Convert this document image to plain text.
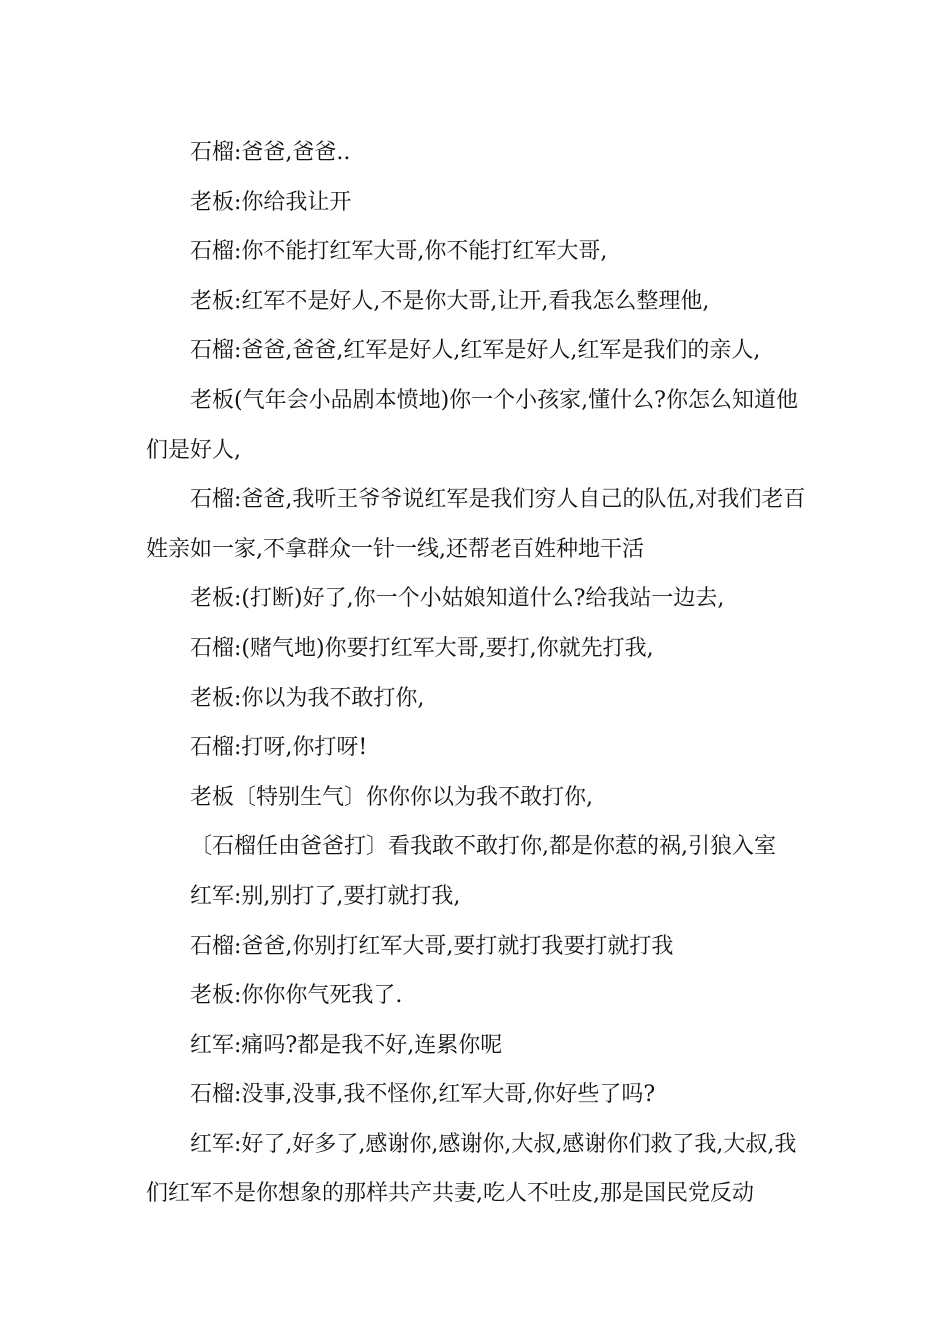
石榴:爸爸,爸爸..

老板:你给我让开

石榴:你不能打红军大哥,你不能打红军大哥,

老板:红军不是好人,不是你大哥,让开,看我怎么整理他,

石榴:爸爸,爸爸,红军是好人,红军是好人,红军是我们的亲人,

老板(气年会小品剧本愤地)你一个小孩家,懂什么?你怎么知道他们是好人,

石榴:爸爸,我听王爷爷说红军是我们穷人自己的队伍,对我们老百姓亲如一家,不拿群众一针一线,还帮老百姓种地干活

老板:(打断)好了,你一个小姑娘知道什么?给我站一边去,

石榴:(赌气地)你要打红军大哥,要打,你就先打我,

老板:你以为我不敢打你,

石榴:打呀,你打呀!

老板〔特别生气〕你你你以为我不敢打你,

〔石榴任由爸爸打〕看我敢不敢打你,都是你惹的祸,引狼入室

红军:别,别打了,要打就打我,

石榴:爸爸,你别打红军大哥,要打就打我要打就打我

老板:你你你气死我了.

红军:痛吗?都是我不好,连累你呢

石榴:没事,没事,我不怪你,红军大哥,你好些了吗?

红军:好了,好多了,感谢你,感谢你,大叔,感谢你们救了我,大叔,我们红军不是你想象的那样共产共妻,吃人不吐皮,那是国民党反动
